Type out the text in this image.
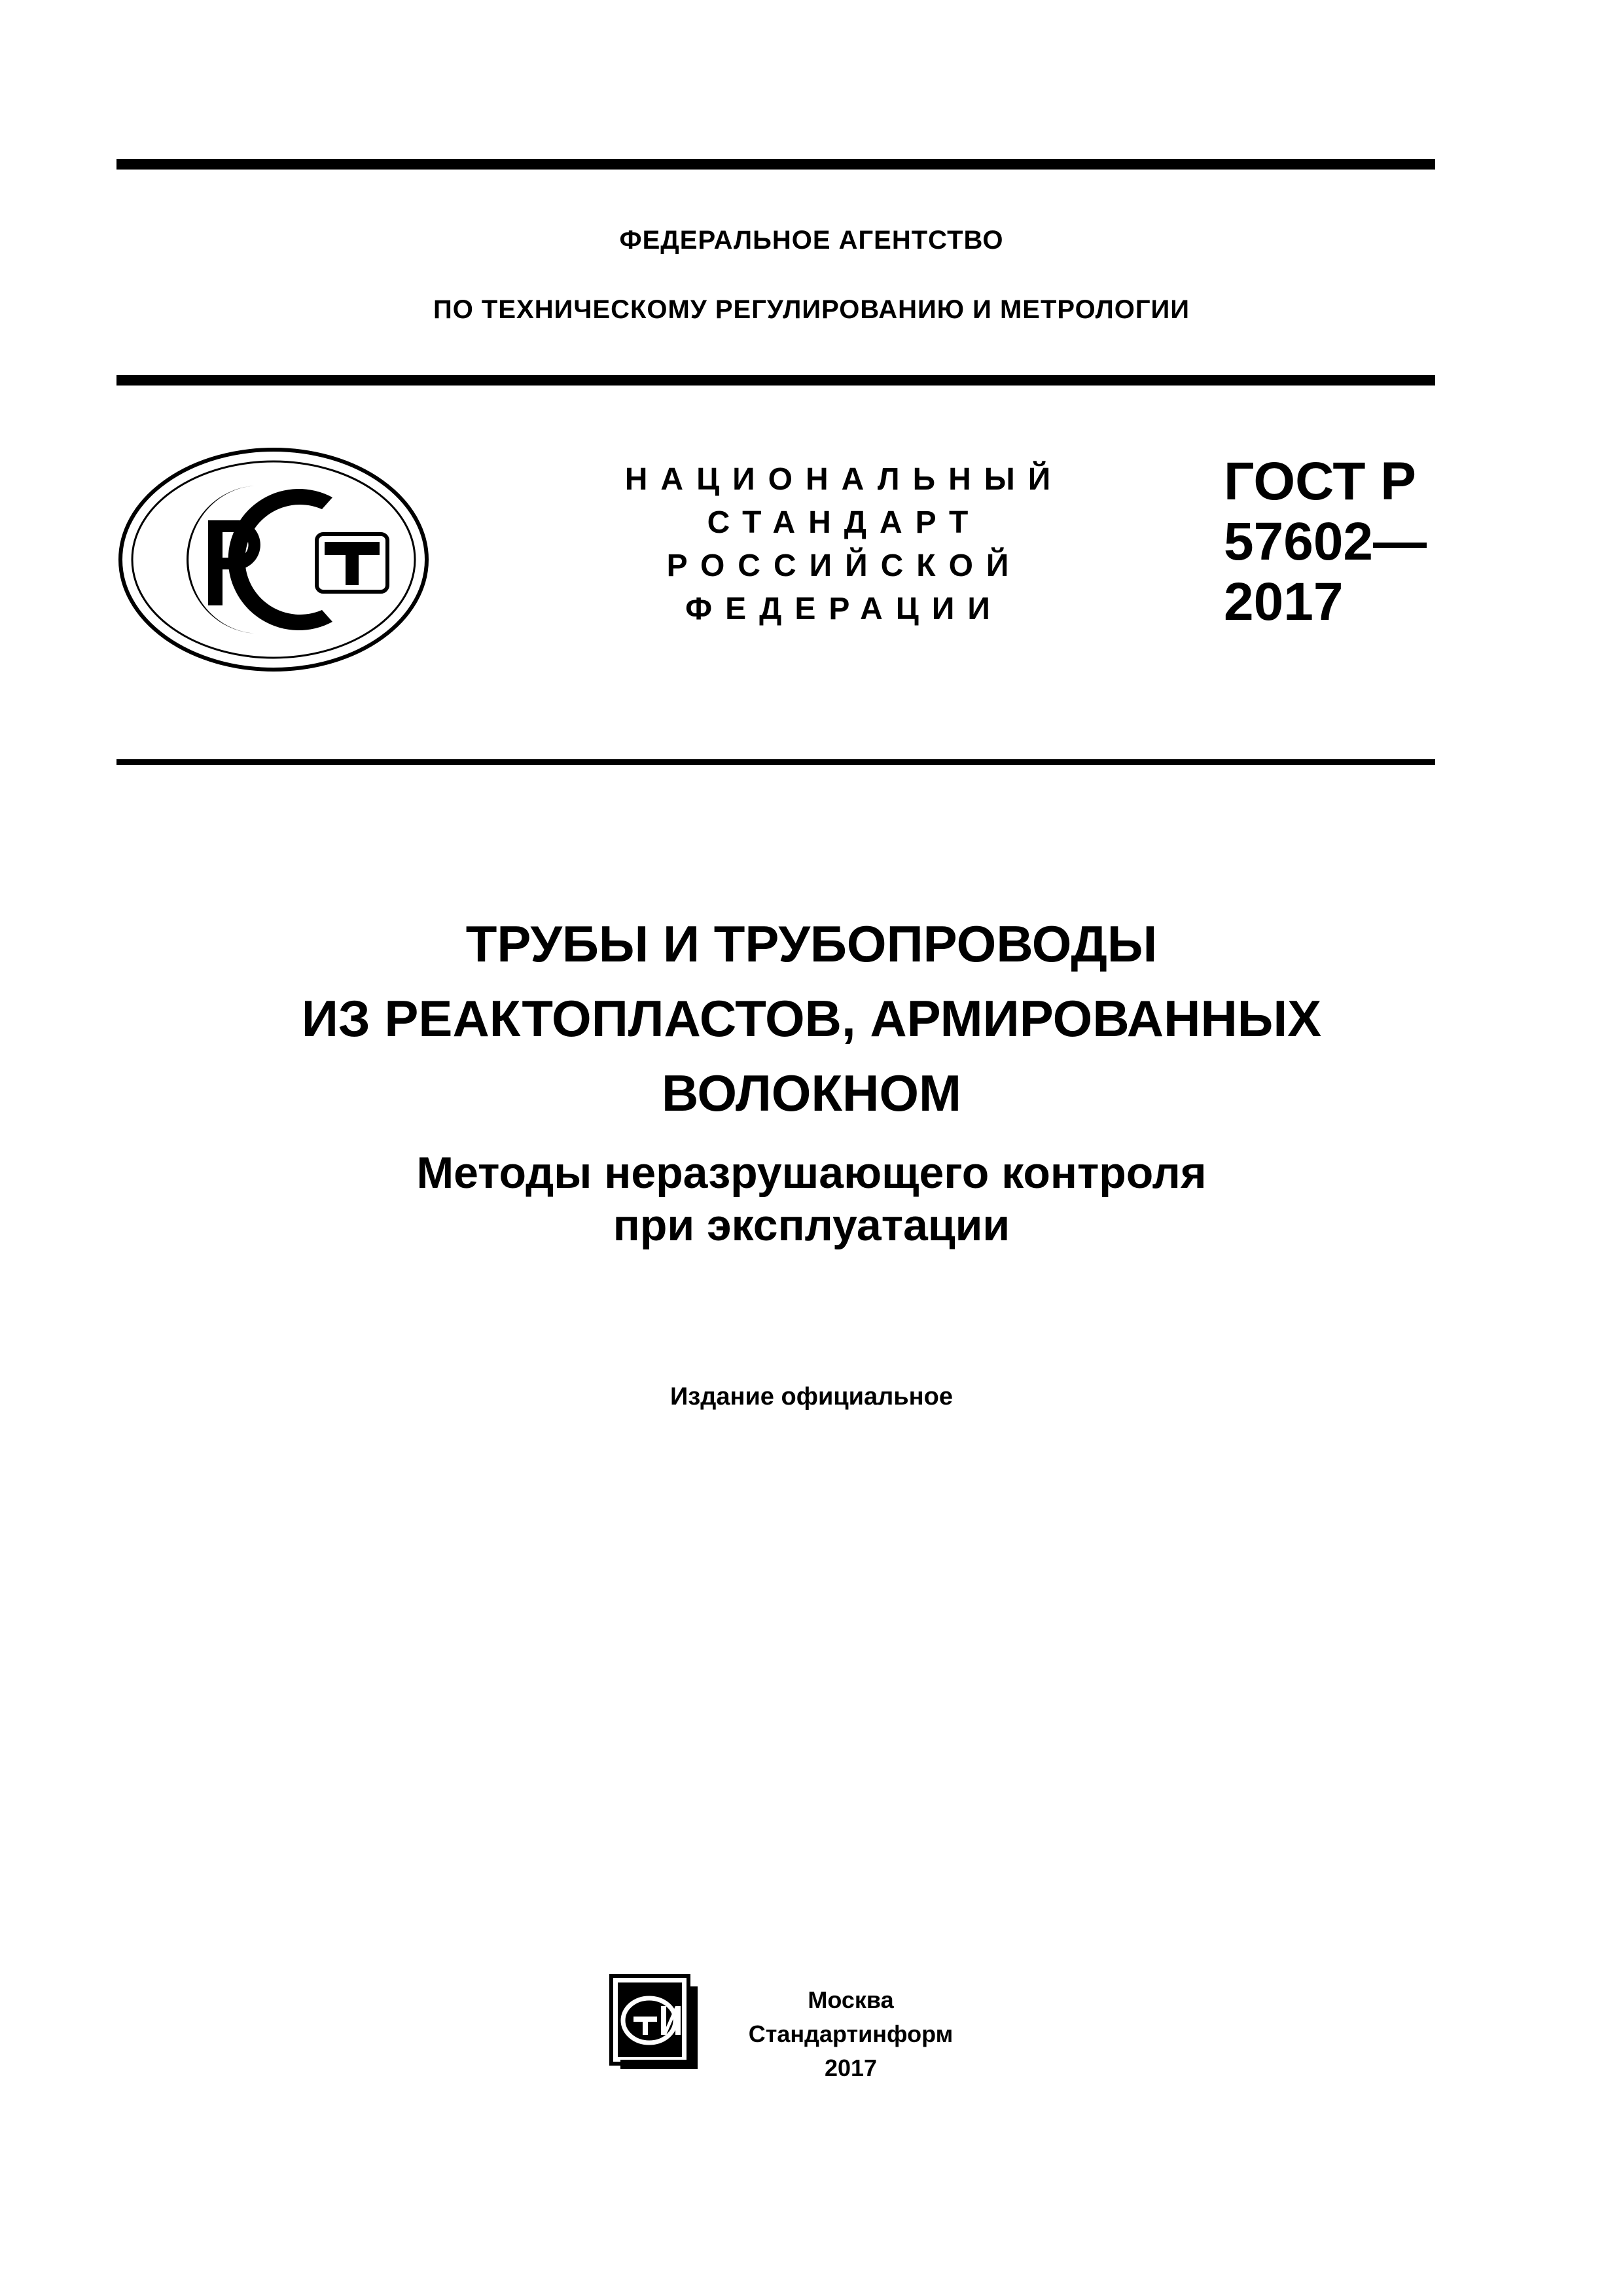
ФЕДЕРАЛЬНОЕ АГЕНТСТВО
ПО ТЕХНИЧЕСКОМУ РЕГУЛИРОВАНИЮ И МЕТРОЛОГИИ
НАЦИОНАЛЬНЫЙ
СТАНДАРТ
РОССИЙСКОЙ
ФЕДЕРАЦИИ
ГОСТ Р
57602—
2017
ТРУБЫ И ТРУБОПРОВОДЫ
ИЗ РЕАКТОПЛАСТОВ, АРМИРОВАННЫХ
ВОЛОКНОМ
Методы неразрушающего контроля
при эксплуатации
Издание официальное
Москва
Стандартинформ
2017
